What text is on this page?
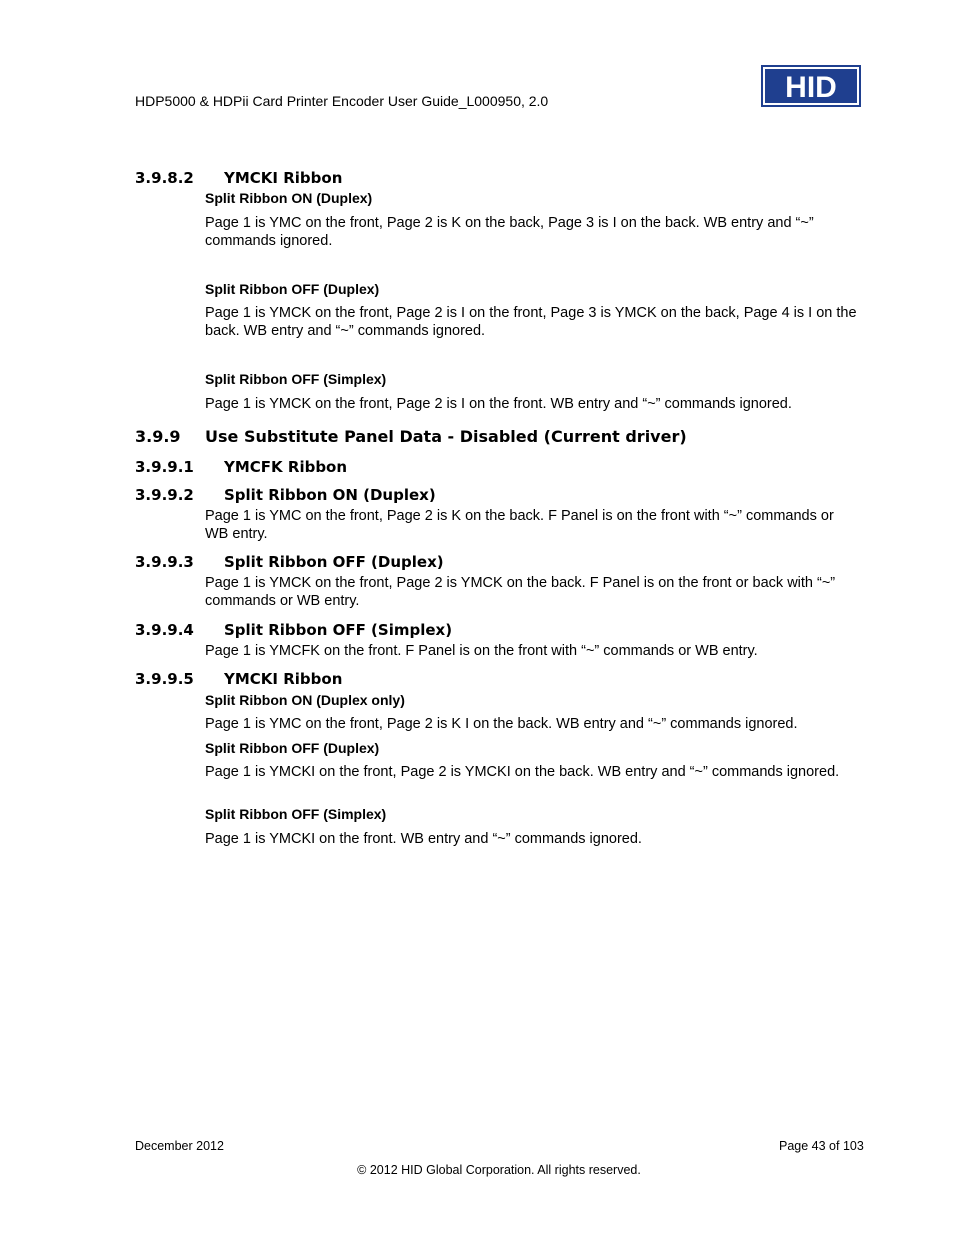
HDP5000 & HDPii Card Printer Encoder User Guide_L000950, 2.0	HID
3.9.8.2 YMCKI Ribbon
Split Ribbon ON (Duplex)
Page 1 is YMC on the front, Page 2 is K on the back, Page 3 is I on the back. WB entry and “~” commands ignored.
Split Ribbon OFF (Duplex)
Page 1 is YMCK on the front, Page 2 is I on the front, Page 3 is YMCK on the back, Page 4 is I on the back. WB entry and “~” commands ignored.
Split Ribbon OFF (Simplex)
Page 1 is YMCK on the front, Page 2 is I on the front. WB entry and “~” commands ignored.
3.9.9 Use Substitute Panel Data - Disabled (Current driver)
3.9.9.1 YMCFK Ribbon
3.9.9.2 Split Ribbon ON (Duplex)
Page 1 is YMC on the front, Page 2 is K on the back. F Panel is on the front with “~” commands or WB entry.
3.9.9.3 Split Ribbon OFF (Duplex)
Page 1 is YMCK on the front, Page 2 is YMCK on the back. F Panel is on the front or back with “~” commands or WB entry.
3.9.9.4 Split Ribbon OFF (Simplex)
Page 1 is YMCFK on the front. F Panel is on the front with “~” commands or WB entry.
3.9.9.5 YMCKI Ribbon
Split Ribbon ON (Duplex only)
Page 1 is YMC on the front, Page 2 is K I on the back. WB entry and “~” commands ignored.
Split Ribbon OFF (Duplex)
Page 1 is YMCKI on the front, Page 2 is YMCKI on the back. WB entry and “~” commands ignored.
Split Ribbon OFF (Simplex)
Page 1 is YMCKI on the front. WB entry and “~” commands ignored.
December 2012	Page 43 of 103
© 2012 HID Global Corporation. All rights reserved.
